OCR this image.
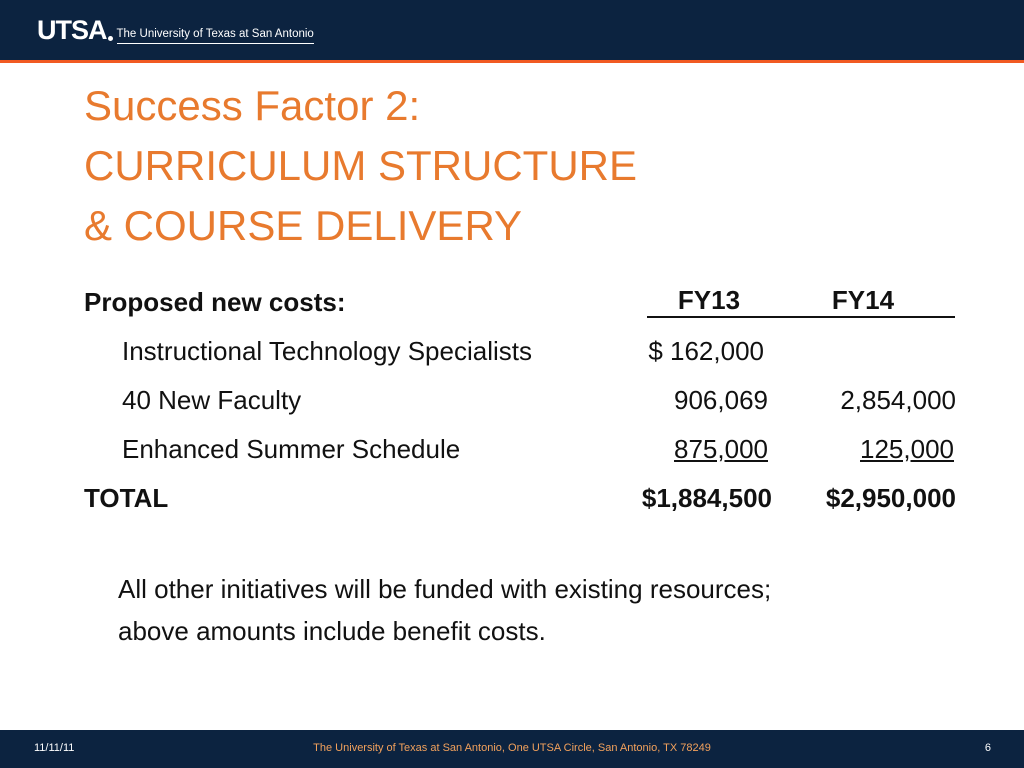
UTSA The University of Texas at San Antonio
Success Factor 2:
CURRICULUM STRUCTURE
& COURSE DELIVERY
Proposed new costs:	FY13	FY14
Instructional Technology Specialists	$ 162,000
40 New Faculty	906,069	2,854,000
Enhanced Summer Schedule	875,000	125,000
TOTAL	$1,884,500 $2,950,000
All other initiatives will be funded with existing resources;
above amounts include benefit costs.
11/11/11	The University of Texas at San Antonio, One UTSA Circle, San Antonio, TX 78249	6
